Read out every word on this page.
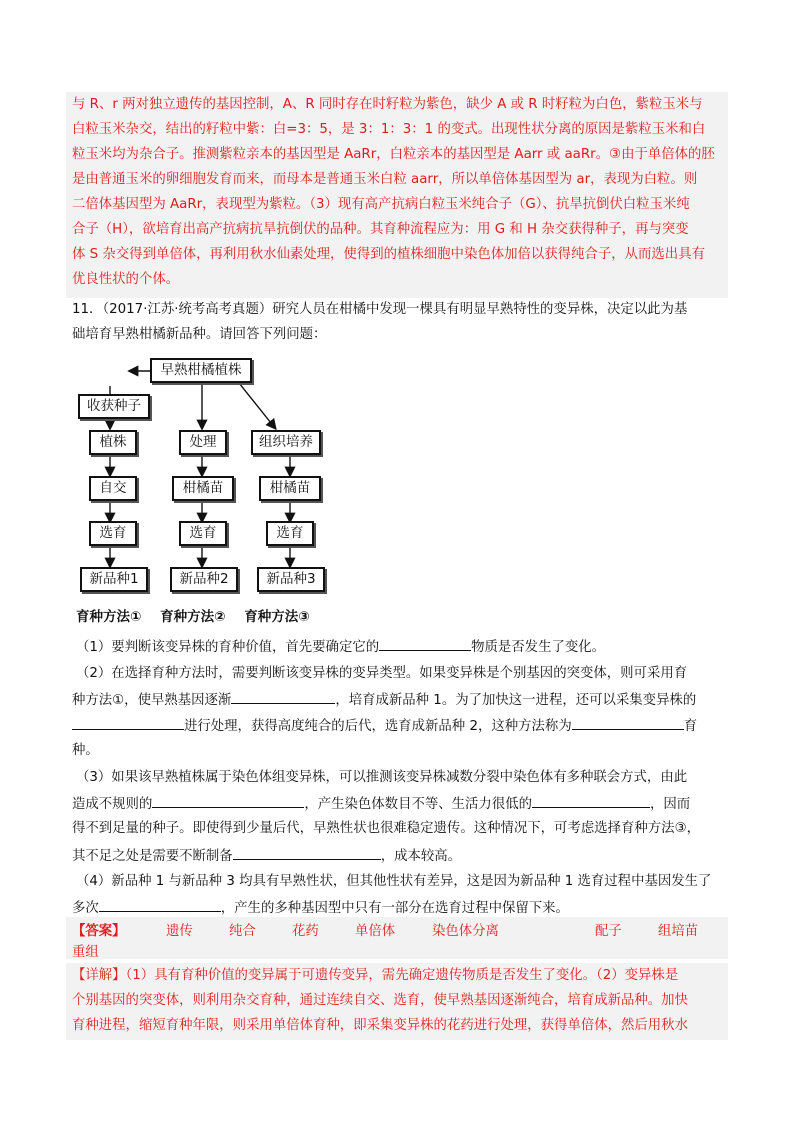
与 R、r 两对独立遗传的基因控制，A、R 同时存在时籽粒为紫色，缺少 A 或 R 时籽粒为白色，紫粒玉米与
白粒玉米杂交，结出的籽粒中紫：白=3：5，是 3：1：3：1 的变式。出现性状分离的原因是紫粒玉米和白
粒玉米均为杂合子。推测紫粒亲本的基因型是 AaRr，白粒亲本的基因型是 Aarr 或 aaRr。③由于单倍体的胚
是由普通玉米的卵细胞发育而来，而母本是普通玉米白粒 aarr，所以单倍体基因型为 ar，表现为白粒。则
二倍体基因型为 AaRr，表现型为紫粒。（3）现有高产抗病白粒玉米纯合子（G）、抗旱抗倒伏白粒玉米纯
合子（H），欲培育出高产抗病抗旱抗倒伏的品种。其育种流程应为：用 G 和 H 杂交获得种子，再与突变
体 S 杂交得到单倍体，再利用秋水仙素处理，使得到的植株细胞中染色体加倍以获得纯合子，从而选出具有
优良性状的个体。
11．（2017·江苏·统考高考真题）研究人员在柑橘中发现一棵具有明显早熟特性的变异株，决定以此为基
础培育早熟柑橘新品种。请回答下列问题：
早熟柑橘植株
收获种子
植株
自交
选育
新品种1
处理
柑橘苗
选育
新品种2
组织培养
柑橘苗
选育
新品种3
育种方法① 育种方法② 育种方法③
（1）要判断该变异株的育种价值，首先要确定它的	物质是否发生了变化。
（2）在选择育种方法时，需要判断该变异株的变异类型。如果变异株是个别基因的突变体，则可采用育
种方法①，使早熟基因逐渐	，培育成新品种 1。为了加快这一进程，还可以采集变异株的
进行处理，获得高度纯合的后代，选育成新品种 2，这种方法称为	育
种。
（3）如果该早熟植株属于染色体组变异株，可以推测该变异株减数分裂中染色体有多种联会方式，由此
造成不规则的	，产生染色体数目不等、生活力很低的	，因而
得不到足量的种子。即使得到少量后代，早熟性状也很难稳定遗传。这种情况下，可考虑选择育种方法③，
其不足之处是需要不断制备	，成本较高。
（4）新品种 1 与新品种 3 均具有早熟性状，但其他性状有差异，这是因为新品种 1 选育过程中基因发生了
多次	，产生的多种基因型中只有一部分在选育过程中保留下来。
【答案】	遗传	纯合	花药	单倍体	染色体分离	配子	组培苗
重组
【详解】（1）具有育种价值的变异属于可遗传变异，需先确定遗传物质是否发生了变化。（2）变异株是
个别基因的突变体，则利用杂交育种，通过连续自交、选育，使早熟基因逐渐纯合，培育成新品种。加快
育种进程，缩短育种年限，则采用单倍体育种，即采集变异株的花药进行处理，获得单倍体，然后用秋水
